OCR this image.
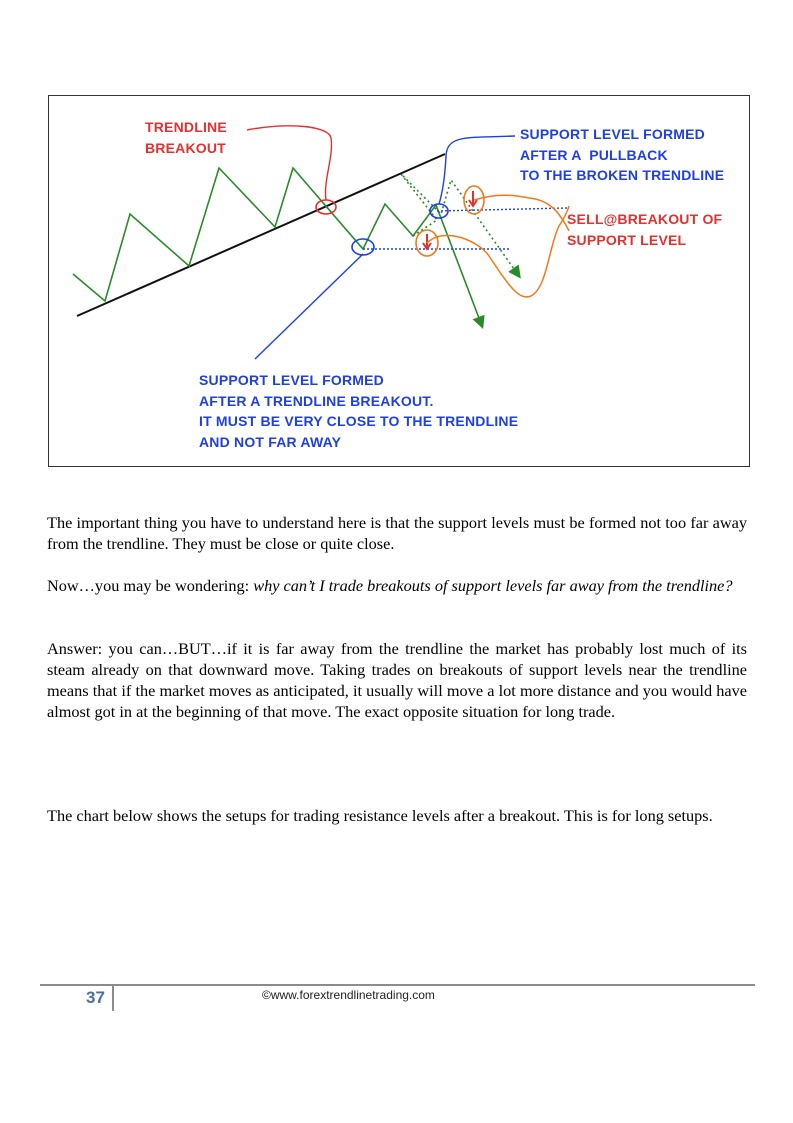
TRENDLINE
BREAKOUT
SUPPORT LEVEL FORMED
AFTER A  PULLBACK
TO THE BROKEN TRENDLINE
SELL@BREAKOUT OF
SUPPORT LEVEL
SUPPORT LEVEL FORMED
AFTER A TRENDLINE BREAKOUT.
IT MUST BE VERY CLOSE TO THE TRENDLINE
AND NOT FAR AWAY
The important thing you have to understand here is that the support levels must be formed not too far away from the trendline. They must be close or quite close.
Now…you may be wondering: why can’t I trade breakouts of support levels far away from the trendline?
Answer: you can…BUT…if it is far away from the trendline the market has probably lost much of its steam already on that downward move. Taking trades on breakouts of support levels near the trendline means that if the market moves as anticipated, it usually will move a lot more distance and you would have almost got in at the beginning of that move. The exact opposite situation for long trade.
The chart below shows the setups for trading resistance levels after a breakout. This is for long setups.
37	©www.forextrendlinetrading.com
